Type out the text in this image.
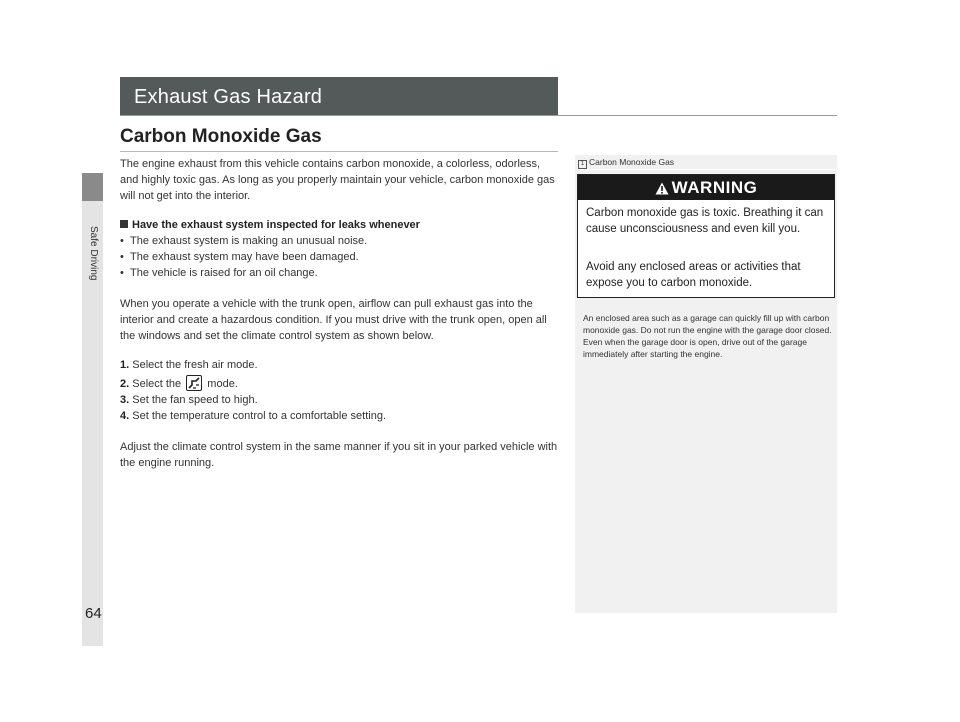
Safe Driving
64
Exhaust Gas Hazard
Carbon Monoxide Gas
The engine exhaust from this vehicle contains carbon monoxide, a colorless, odorless, and highly toxic gas. As long as you properly maintain your vehicle, carbon monoxide gas will not get into the interior.
Have the exhaust system inspected for leaks whenever
• The exhaust system is making an unusual noise.
• The exhaust system may have been damaged.
• The vehicle is raised for an oil change.
When you operate a vehicle with the trunk open, airflow can pull exhaust gas into the interior and create a hazardous condition. If you must drive with the trunk open, open all the windows and set the climate control system as shown below.
1. Select the fresh air mode.
2. Select the mode.
3. Set the fan speed to high.
4. Set the temperature control to a comfortable setting.
Adjust the climate control system in the same manner if you sit in your parked vehicle with the engine running.
1 Carbon Monoxide Gas
WARNING
Carbon monoxide gas is toxic. Breathing it can cause unconsciousness and even kill you.
Avoid any enclosed areas or activities that expose you to carbon monoxide.
An enclosed area such as a garage can quickly fill up with carbon monoxide gas. Do not run the engine with the garage door closed. Even when the garage door is open, drive out of the garage immediately after starting the engine.
